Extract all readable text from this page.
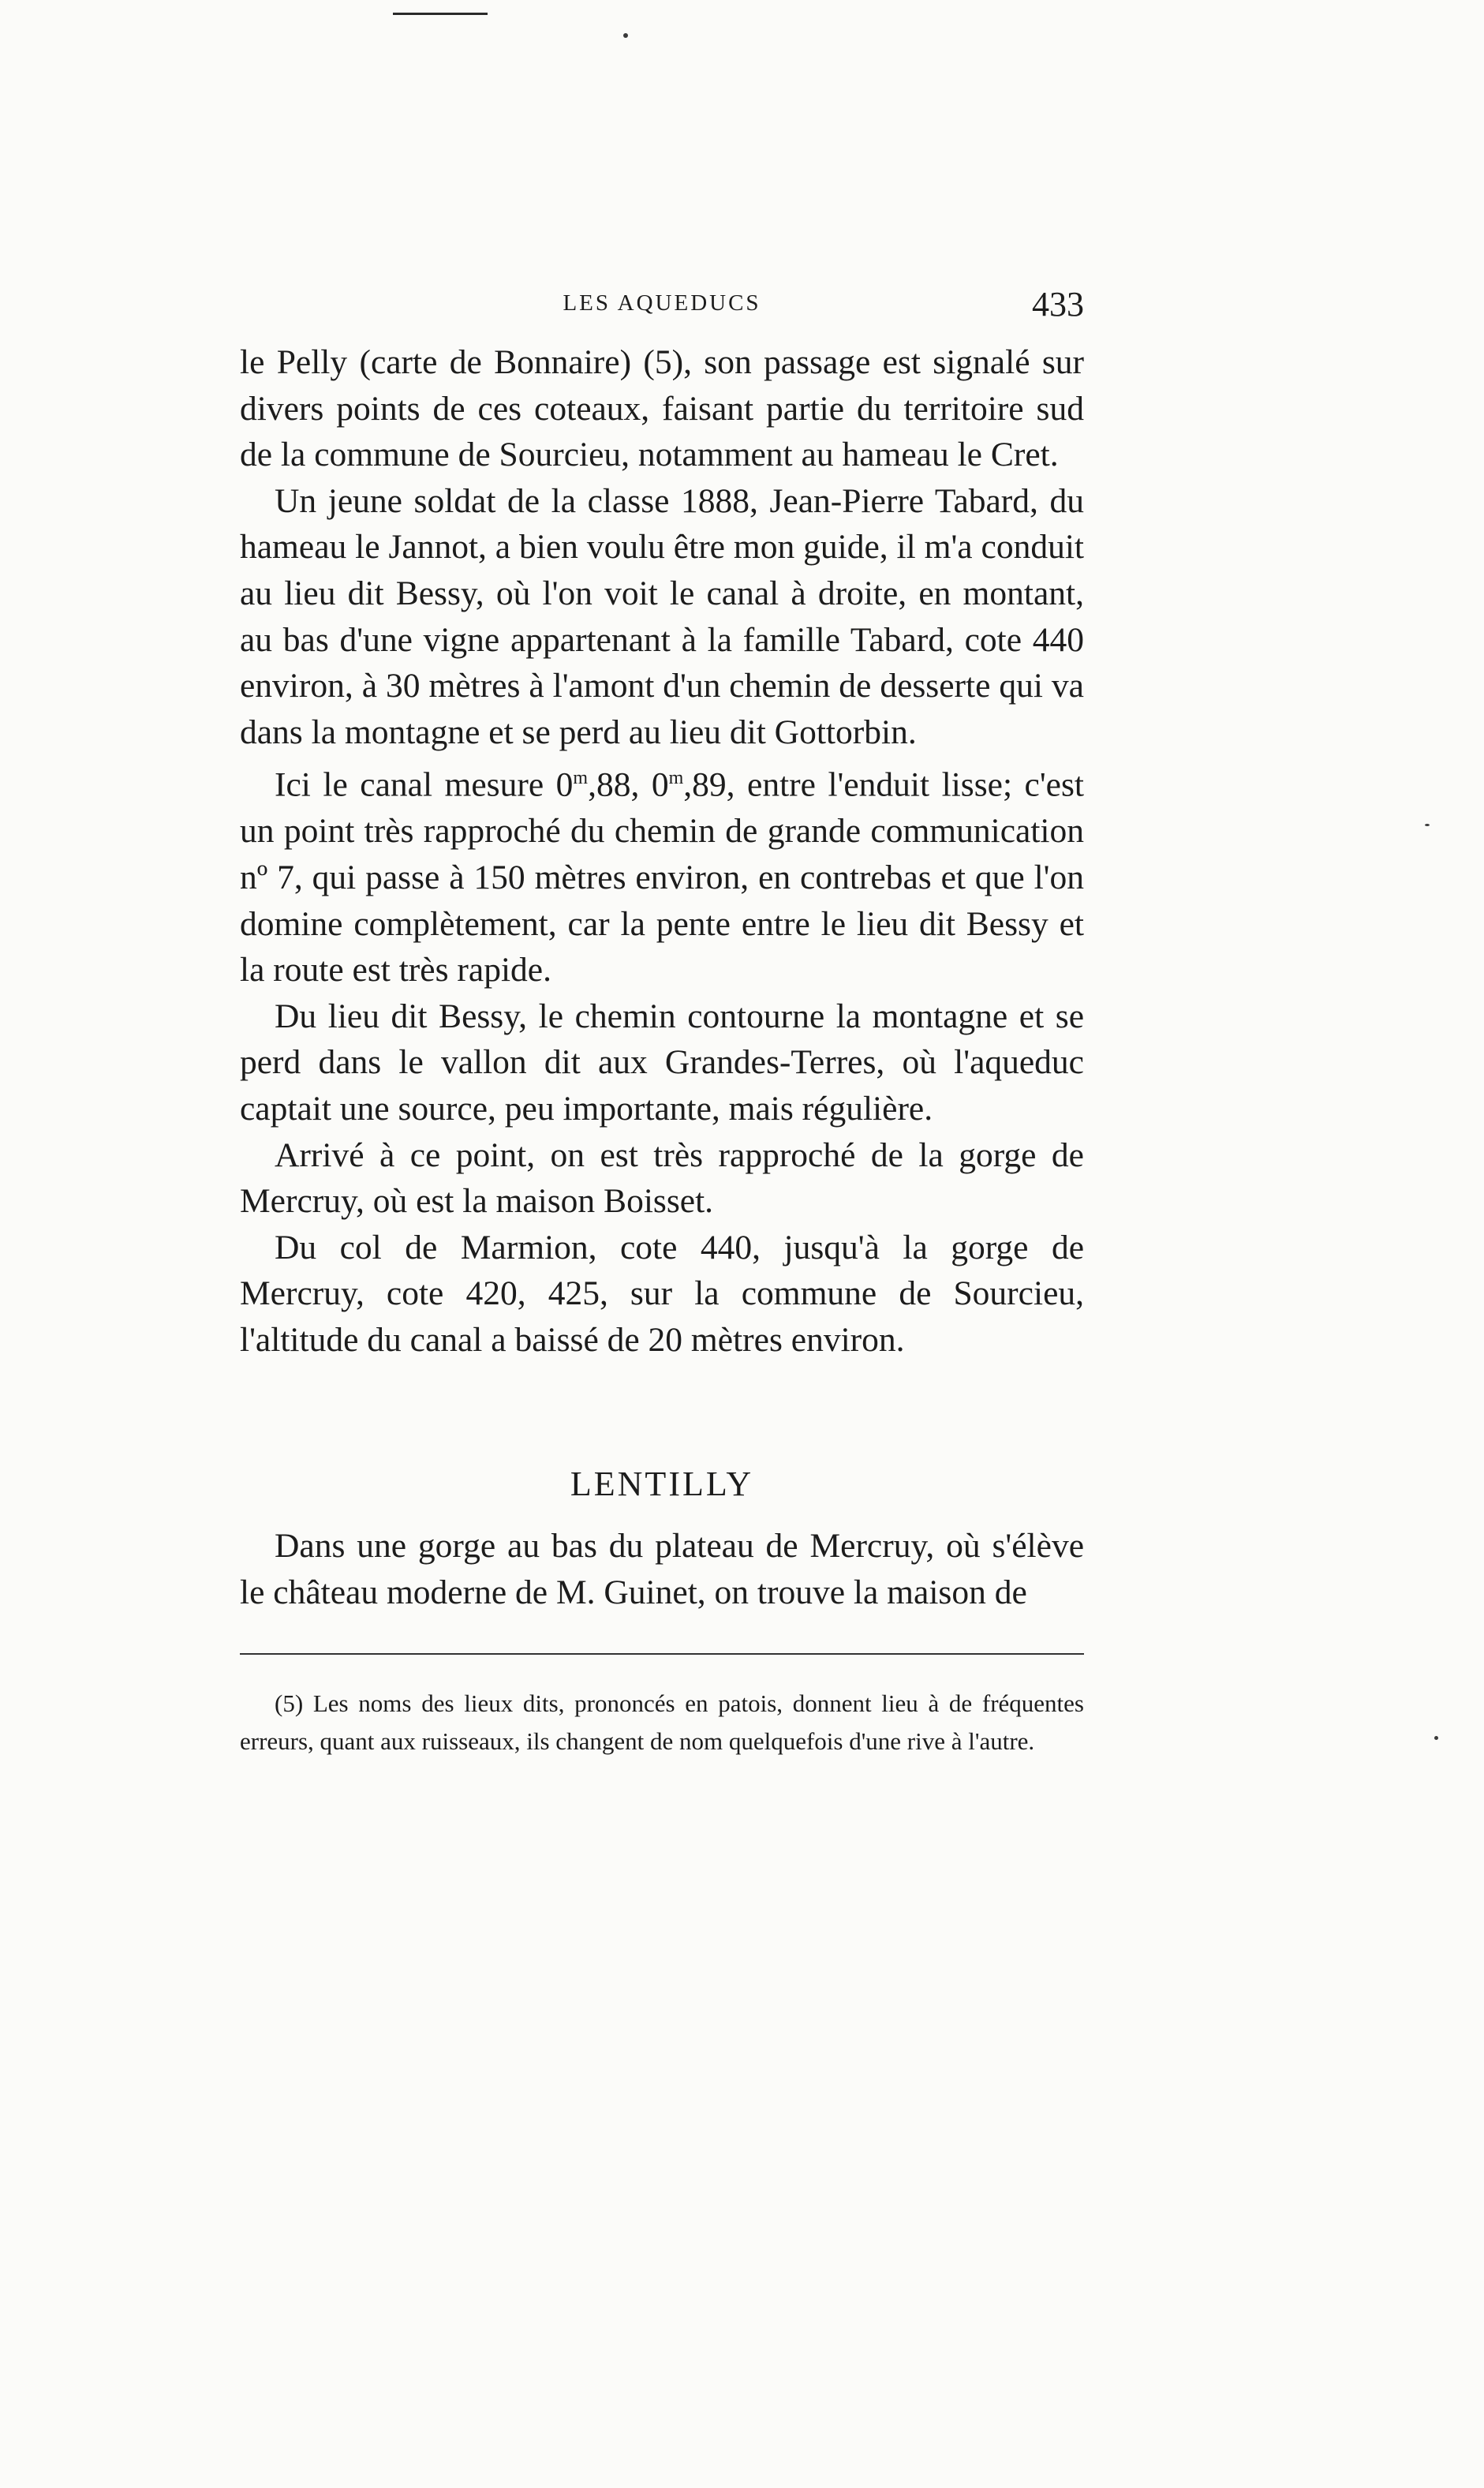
LES AQUEDUCS	433

le Pelly (carte de Bonnaire) (5), son passage est signalé sur divers points de ces coteaux, faisant partie du territoire sud de la commune de Sourcieu, notamment au hameau le Cret.

Un jeune soldat de la classe 1888, Jean-Pierre Tabard, du hameau le Jannot, a bien voulu être mon guide, il m'a conduit au lieu dit Bessy, où l'on voit le canal à droite, en montant, au bas d'une vigne appartenant à la famille Tabard, cote 440 environ, à 30 mètres à l'amont d'un chemin de desserte qui va dans la montagne et se perd au lieu dit Gottorbin.

Ici le canal mesure 0$^m$,88, 0$^m$,89, entre l'enduit lisse; c'est un point très rapproché du chemin de grande communication nº 7, qui passe à 150 mètres environ, en contrebas et que l'on domine complètement, car la pente entre le lieu dit Bessy et la route est très rapide.

Du lieu dit Bessy, le chemin contourne la montagne et se perd dans le vallon dit aux Grandes-Terres, où l'aqueduc captait une source, peu importante, mais régulière.

Arrivé à ce point, on est très rapproché de la gorge de Mercruy, où est la maison Boisset.

Du col de Marmion, cote 440, jusqu'à la gorge de Mercruy, cote 420, 425, sur la commune de Sourcieu, l'altitude du canal a baissé de 20 mètres environ.

LENTILLY

Dans une gorge au bas du plateau de Mercruy, où s'élève le château moderne de M. Guinet, on trouve la maison de

(5) Les noms des lieux dits, prononcés en patois, donnent lieu à de fréquentes erreurs, quant aux ruisseaux, ils changent de nom quelquefois d'une rive à l'autre.
